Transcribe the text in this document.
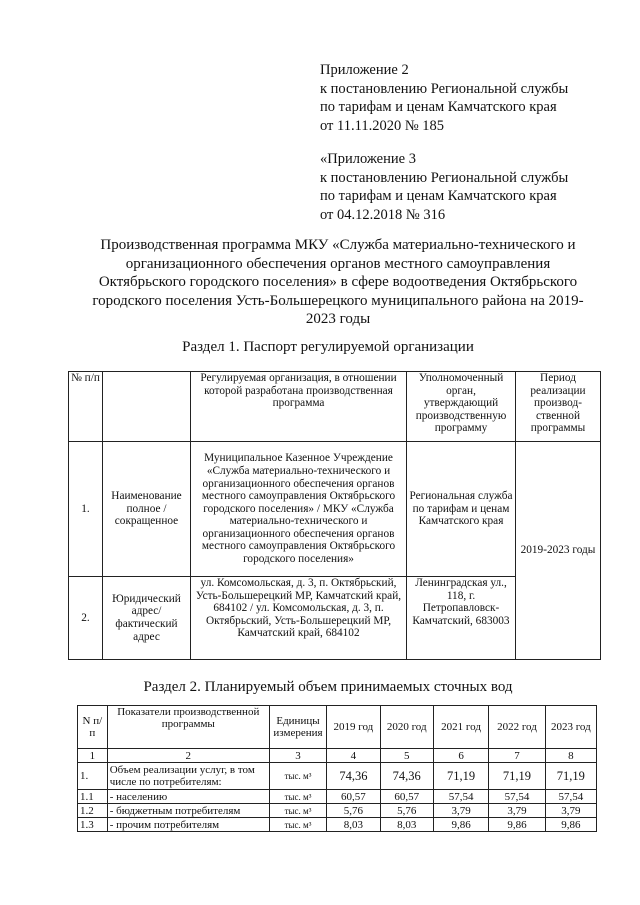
Приложение 2
к постановлению Региональной службы
по тарифам и ценам Камчатского края
от 11.11.2020 № 185
«Приложение 3
к постановлению Региональной службы
по тарифам и ценам Камчатского края
от 04.12.2018 № 316
Производственная программа МКУ «Служба материально-технического и
организационного обеспечения органов местного самоуправления
Октябрьского городского поселения» в сфере водоотведения Октябрьского
городского поселения Усть-Большерецкого муниципального района на 2019-
2023 годы
Раздел 1. Паспорт регулируемой организации
№ п/п		Регулируемая организация, в отношении которой разработана производственная программа	Уполномоченный орган, утверждающий производственную программу	Период реализации производ-ственной программы
1.	Наименование полное / сокращенное	Муниципальное Казенное Учреждение «Служба материально-технического и организационного обеспечения органов местного самоуправления Октябрьского городского поселения» / МКУ «Служба материально-технического и организационного обеспечения органов местного самоуправления Октябрьского городского поселения»	Региональная служба по тарифам и ценам Камчатского края	2019-2023 годы
2.	Юридический адрес/фактический адрес	ул. Комсомольская, д. 3, п. Октябрьский, Усть-Большерецкий МР, Камчатский край, 684102 / ул. Комсомольская, д. 3, п. Октябрьский, Усть-Большерецкий МР, Камчатский край, 684102	Ленинградская ул., 118, г. Петропавловск-Камчатский, 683003	
Раздел 2. Планируемый объем принимаемых сточных вод
N п/п	Показатели производственной программы	Единицы измерения	2019 год	2020 год	2021 год	2022 год	2023 год
1	2	3	4	5	6	7	8
1.	Объем реализации услуг, в том числе по потребителям:	тыс. м³	74,36	74,36	71,19	71,19	71,19
1.1	- населению	тыс. м³	60,57	60,57	57,54	57,54	57,54
1.2	- бюджетным потребителям	тыс. м³	5,76	5,76	3,79	3,79	3,79
1.3	- прочим потребителям	тыс. м³	8,03	8,03	9,86	9,86	9,86
